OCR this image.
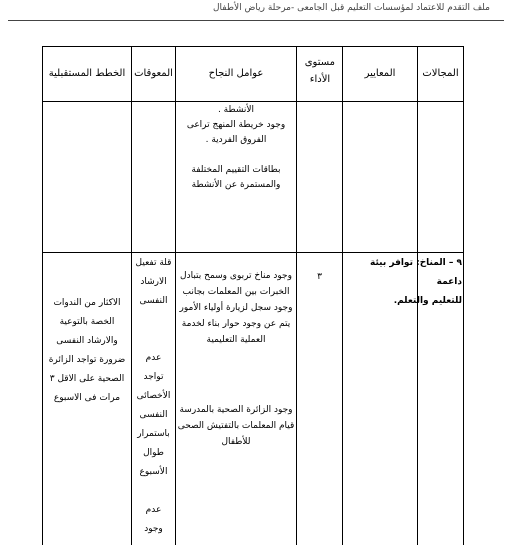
ملف التقدم للاعتماد لمؤسسات التعليم قبل الجامعى -مرحلة رياض الأطفال
المجالات
المعايير
مستوى الأداء
عوامل النجاح
المعوقات
الخطط المستقبلية
الأنشطة .
وجود خريطة المنهج تراعى
الفروق الفردية .
بطاقات التقييم المختلفة
والمستمرة عن الأنشطة
٩ – المناخ: توافر بيئة داعمة
للتعليم والتعلم.
٣
وجود مناخ تربوى وسمح بتبادل
الخبرات بين المعلمات بجانب
وجود سجل لزيارة أولياء الأمور
يتم عن وجود حوار بناء لخدمة
العملية التعليمية
وجود الزائرة الصحية بالمدرسة
قيام المعلمات بالتفتيش الصحى
للأطفال
قلة تفعيل
الارشاد
النفسى
عدم
تواجد
الأخصائى
النفسى
باستمرار
طوال
الأسبوع
عدم
وجود
الاكثار من الندوات
الخصة بالتوعية
والارشاد النفسى
ضرورة تواجد الزائرة
الصحية على الاقل ٣
مرات فى الاسبوع
